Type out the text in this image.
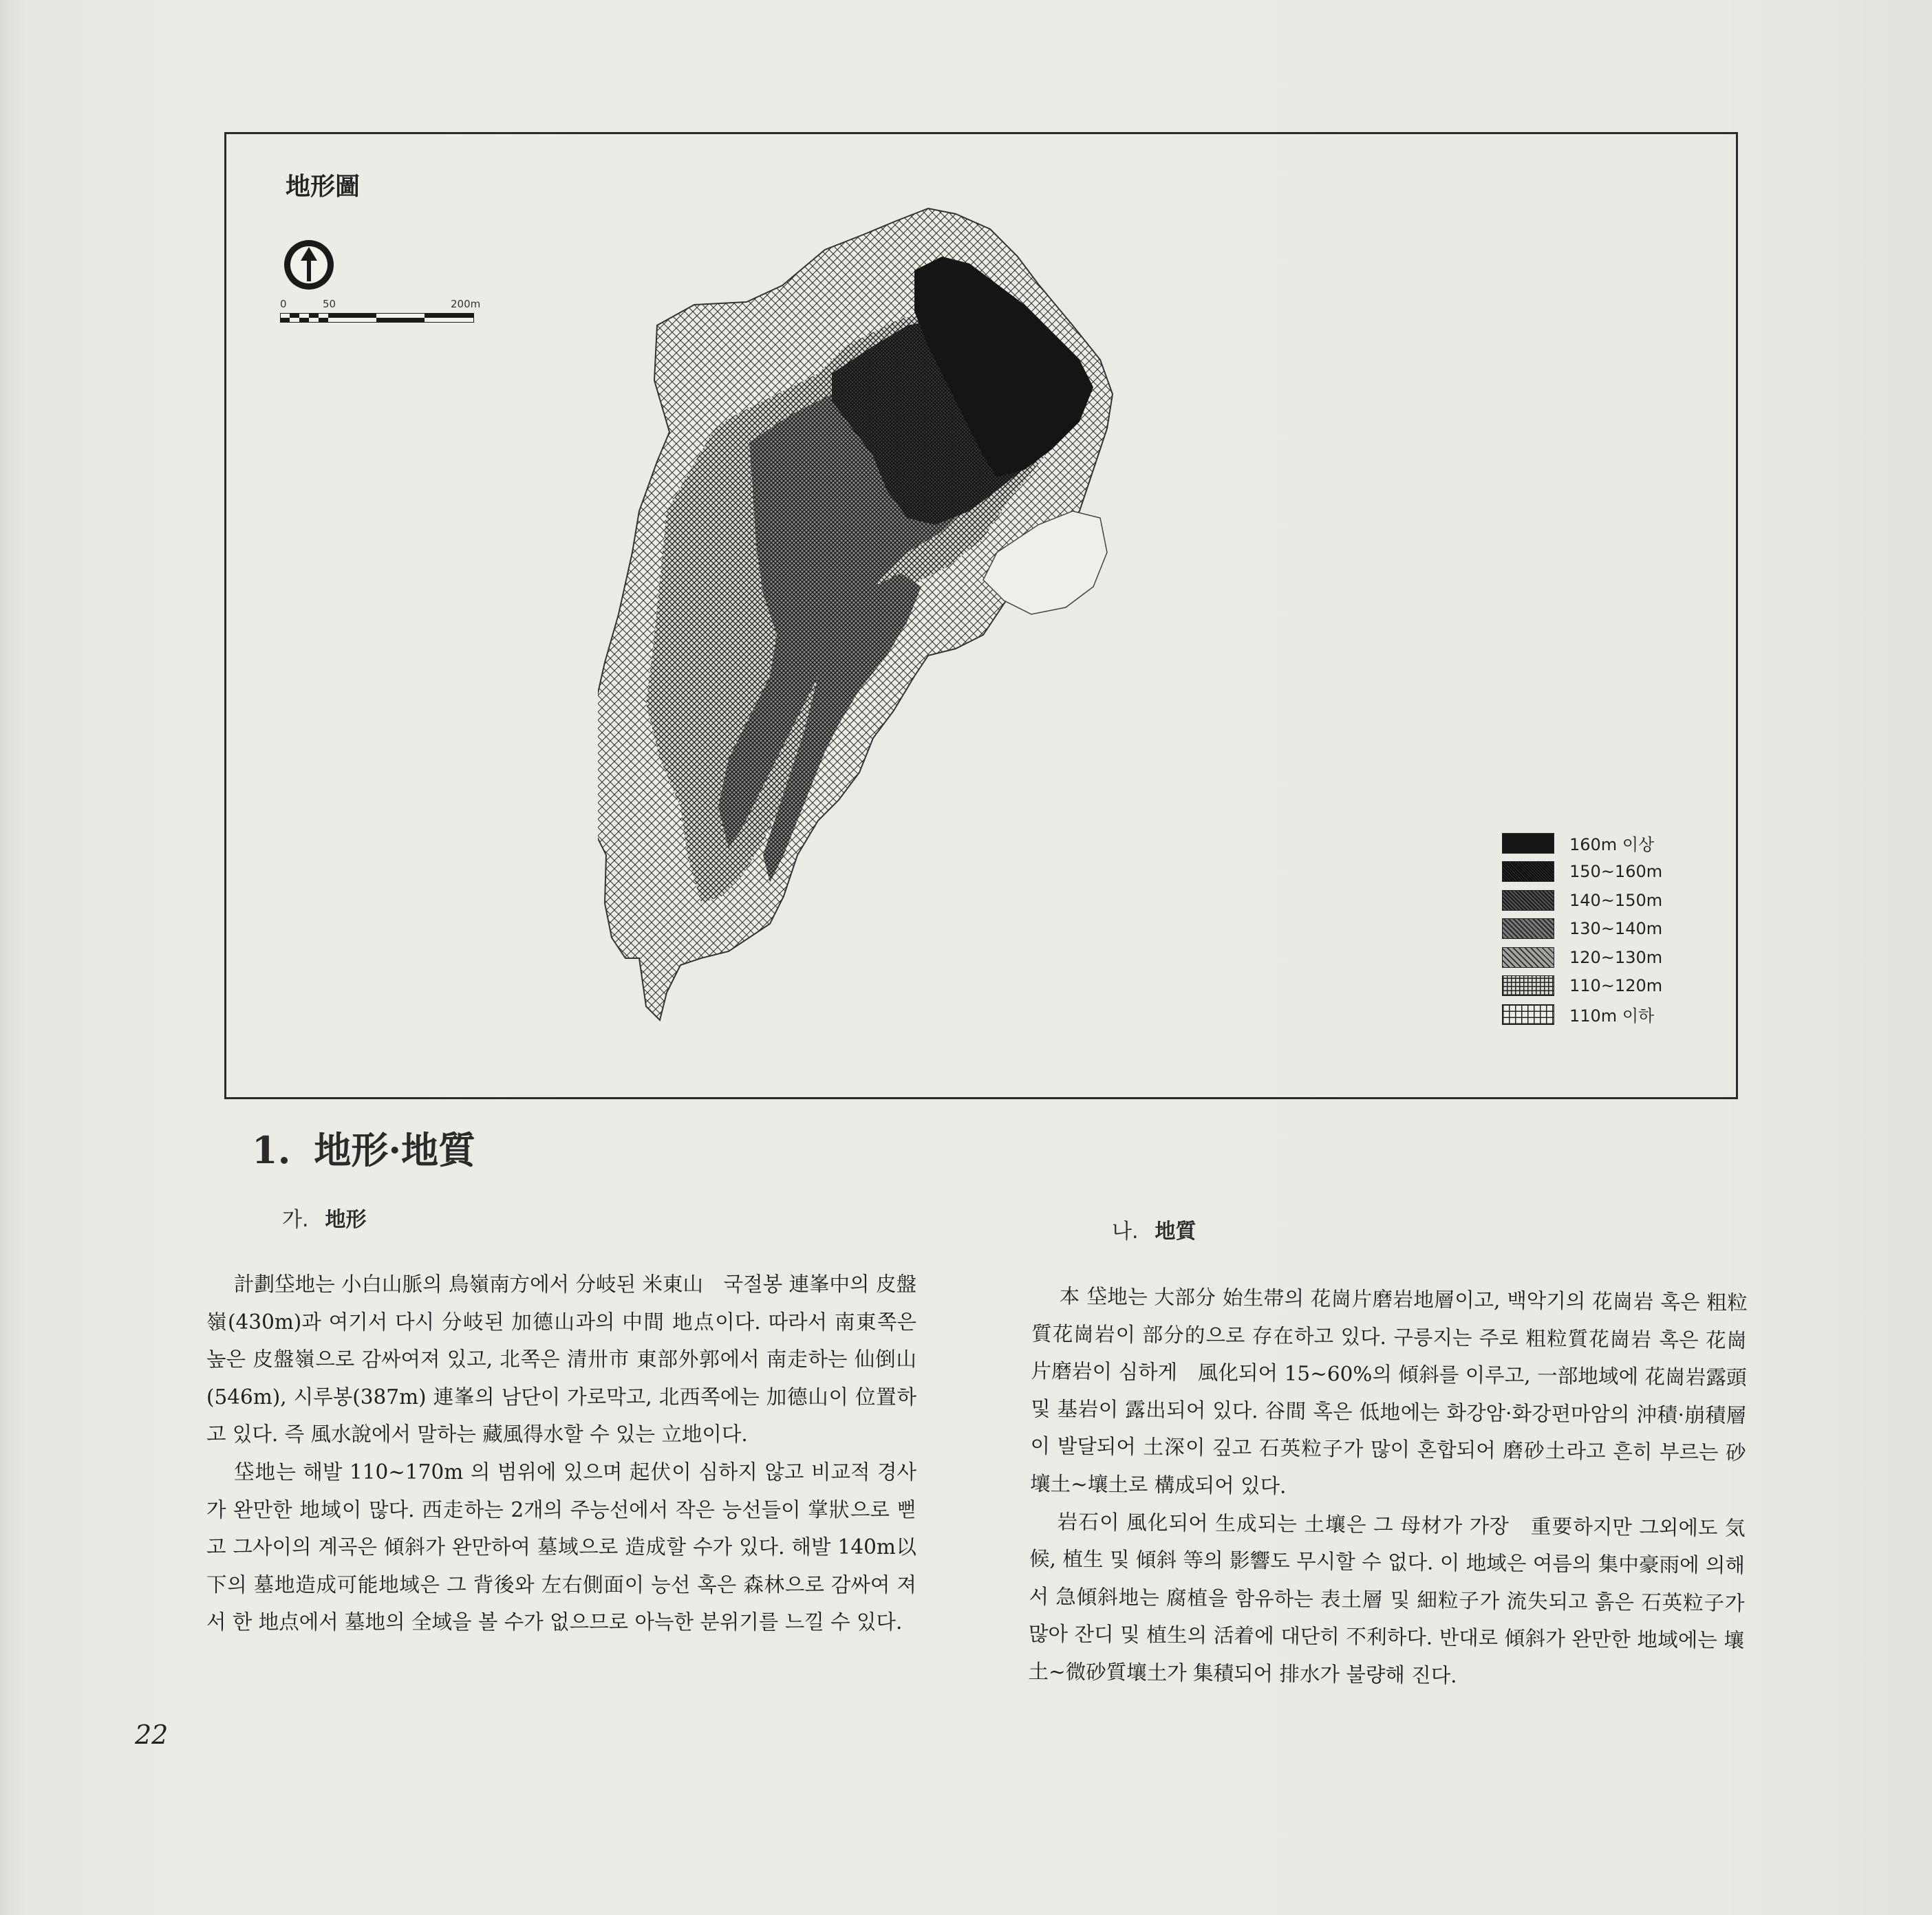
地形圖
0	50	200m
160m 이상
150~160m
140~150m
130~140m
120~130m
110~120m
110m 이하
1. 地形·地質
가. 地形	나. 地質

計劃垈地는 小白山脈의 鳥嶺南方에서 分岐된 米東山　국절봉 連峯中의 皮盤嶺(430m)과 여기서 다시 分岐된 加德山과의 中間 地点이다. 따라서 南東쪽은 높은 皮盤嶺으로 감싸여져 있고, 北쪽은 清卅市 東部外郭에서 南走하는 仙倒山(546m), 시루봉(387m) 連峯의 남단이 가로막고, 北西쪽에는 加德山이 位置하고 있다. 즉 風水說에서 말하는 藏風得水할 수 있는 立地이다.

垈地는 해발 110~170m 의 범위에 있으며 起伏이 심하지 않고 비교적 경사가 완만한 地域이 많다. 西走하는 2개의 주능선에서 작은 능선들이 掌狀으로 뻗고 그사이의 계곡은 傾斜가 완만하여 墓域으로 造成할 수가 있다. 해발 140m以下의 墓地造成可能地域은 그 背後와 左右側面이 능선 혹은 森林으로 감싸여 져서 한 地点에서 墓地의 全域을 볼 수가 없으므로 아늑한 분위기를 느낄 수 있다.

本 垈地는 大部分 始生帯의 花崗片磨岩地層이고, 백악기의 花崗岩 혹은 粗粒質花崗岩이 部分的으로 存在하고 있다. 구릉지는 주로 粗粒質花崗岩 혹은 花崗片磨岩이 심하게　風化되어 15~60%의 傾斜를 이루고, 一部地域에 花崗岩露頭 및 基岩이 露出되어 있다. 谷間 혹은 低地에는 화강암·화강편마암의 沖積·崩積層이 발달되어 土深이 깊고 石英粒子가 많이 혼합되어 磨砂土라고 흔히 부르는 砂壤土~壤土로 構成되어 있다.

岩石이 風化되어 生成되는 土壤은 그 母材가 가장　重要하지만 그외에도 気候, 植生 및 傾斜 等의 影響도 무시할 수 없다. 이 地域은 여름의 集中豪雨에 의해서 急傾斜地는 腐植을 함유하는 表土層 및 細粒子가 流失되고 흙은 石英粒子가 많아 잔디 및 植生의 活着에 대단히 不利하다. 반대로 傾斜가 완만한 地域에는 壤土~微砂質壤土가 集積되어 排水가 불량해 진다.

22
